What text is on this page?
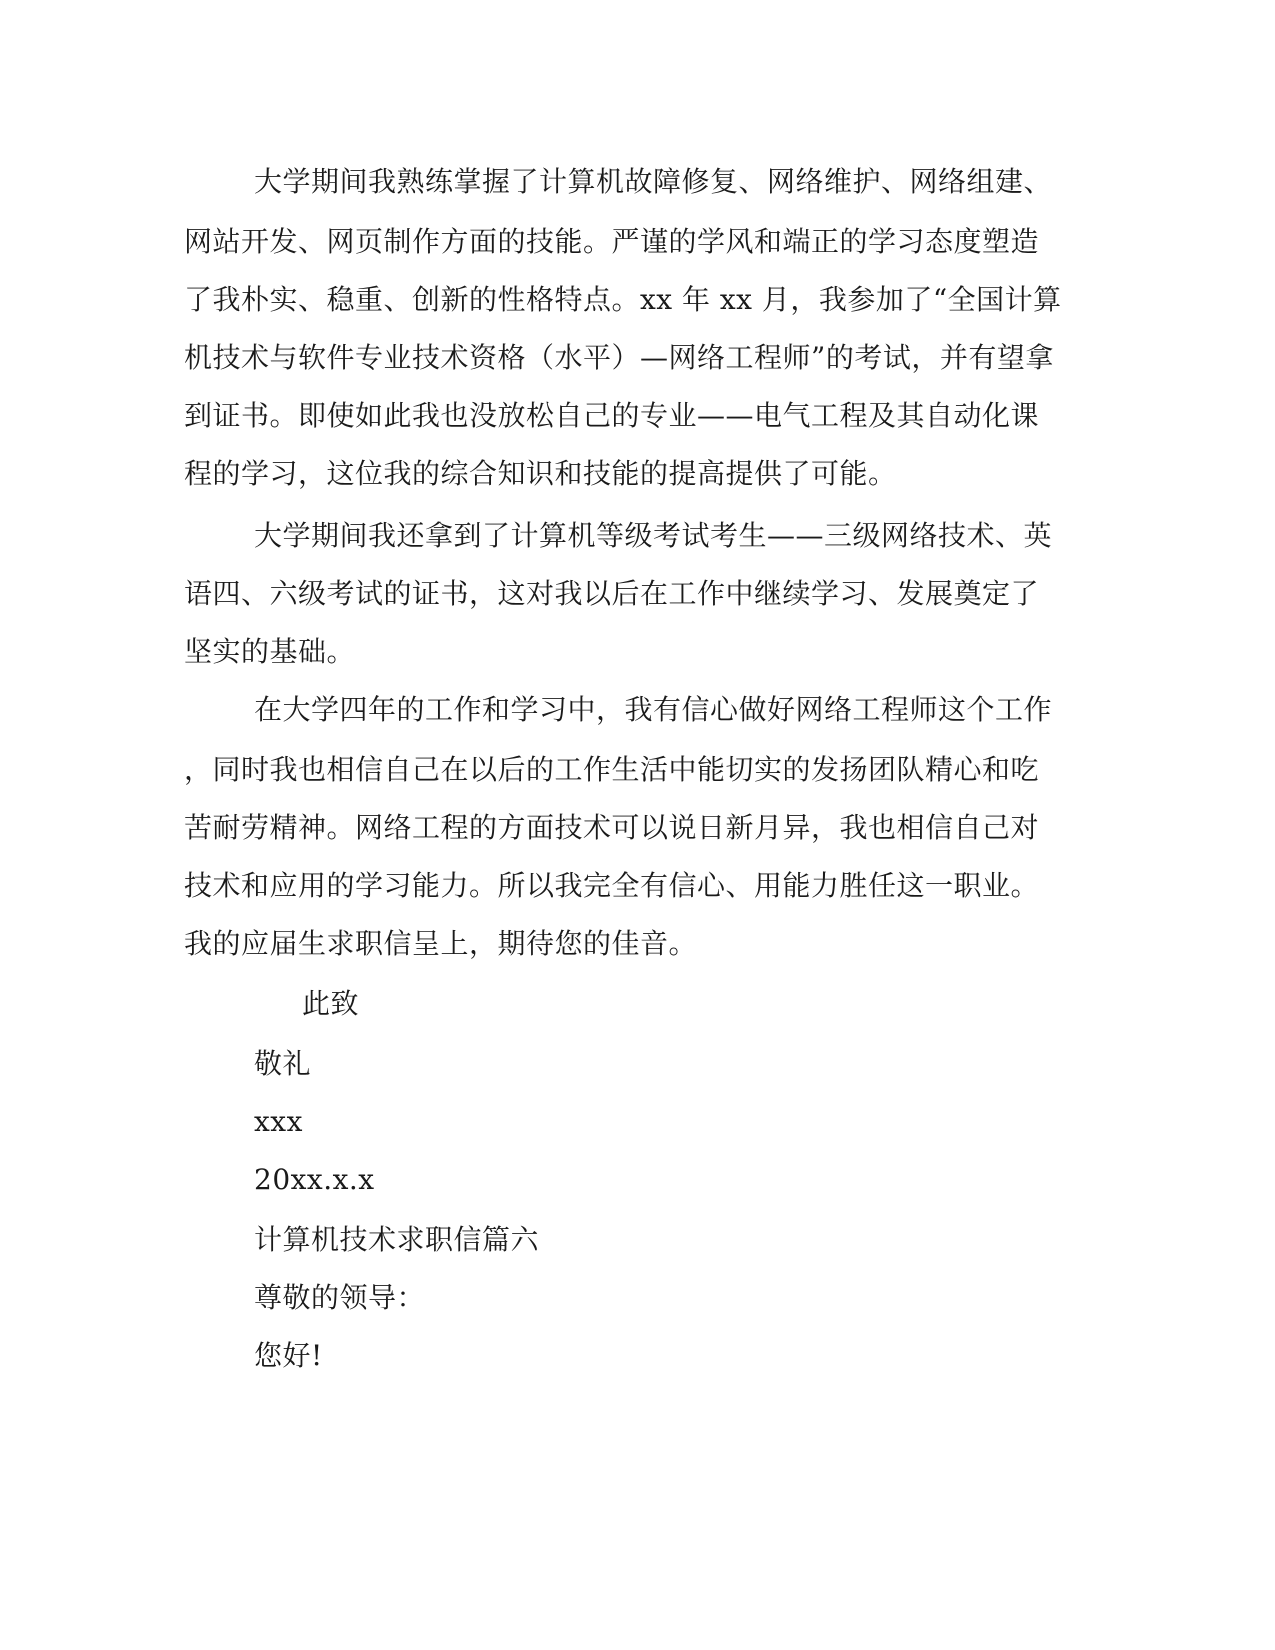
大学期间我熟练掌握了计算机故障修复、网络维护、网络组建、
网站开发、网页制作方面的技能。严谨的学风和端正的学习态度塑造
了我朴实、稳重、创新的性格特点。xx 年 xx 月，我参加了“全国计算
机技术与软件专业技术资格（水平）—网络工程师”的考试，并有望拿
到证书。即使如此我也没放松自己的专业——电气工程及其自动化课
程的学习，这位我的综合知识和技能的提高提供了可能。
大学期间我还拿到了计算机等级考试考生——三级网络技术、英
语四、六级考试的证书，这对我以后在工作中继续学习、发展奠定了
坚实的基础。
在大学四年的工作和学习中，我有信心做好网络工程师这个工作
，同时我也相信自己在以后的工作生活中能切实的发扬团队精心和吃
苦耐劳精神。网络工程的方面技术可以说日新月异，我也相信自己对
技术和应用的学习能力。所以我完全有信心、用能力胜任这一职业。
我的应届生求职信呈上，期待您的佳音。
此致
敬礼
xxx
20xx.x.x
计算机技术求职信篇六
尊敬的领导：
您好!
